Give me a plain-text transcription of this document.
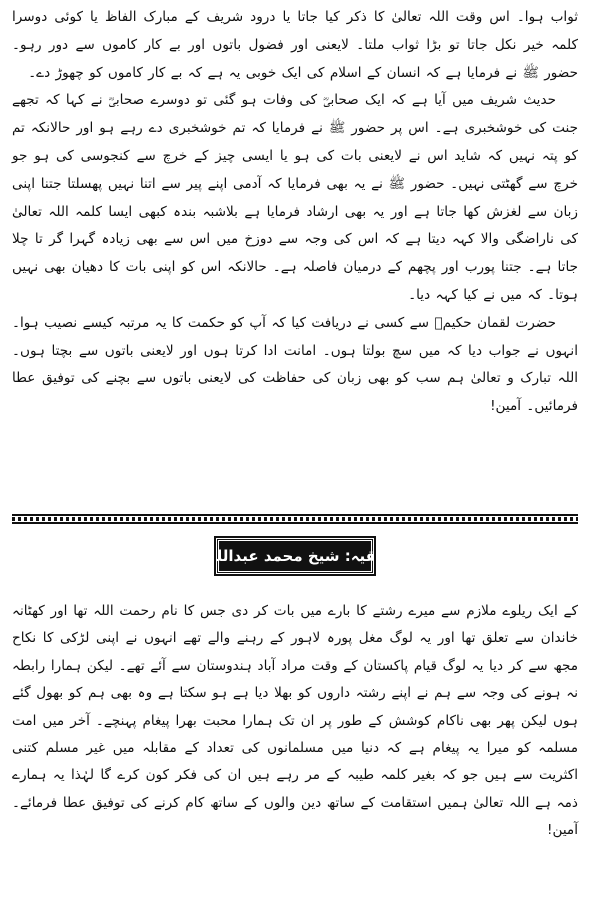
ثواب ہوا۔ اس وقت اللہ تعالیٰ کا ذکر کیا جاتا یا درود شریف کے مبارک الفاظ یا کوئی دوسرا کلمہ خیر نکل جاتا تو بڑا ثواب ملتا۔ لایعنی اور فضول باتوں اور بے کار کاموں سے دور رہو۔ حضور ﷺ نے فرمایا ہے کہ انسان کے اسلام کی ایک خوبی یہ ہے کہ بے کار کاموں کو چھوڑ دے۔

حدیث شریف میں آیا ہے کہ ایک صحابیؓ کی وفات ہو گئی تو دوسرے صحابیؓ نے کہا کہ تجھے جنت کی خوشخبری ہے۔ اس پر حضور ﷺ نے فرمایا کہ تم خوشخبری دے رہے ہو اور حالانکہ تم کو پتہ نہیں کہ شاید اس نے لایعنی بات کی ہو یا ایسی چیز کے خرچ سے کنجوسی کی ہو جو خرچ سے گھٹتی نہیں۔ حضور ﷺ نے یہ بھی فرمایا کہ آدمی اپنے پیر سے اتنا نہیں پھسلتا جتنا اپنی زبان سے لغزش کھا جاتا ہے اور یہ بھی ارشاد فرمایا ہے بلاشبہ بندہ کبھی ایسا کلمہ اللہ تعالیٰ کی ناراضگی والا کہہ دیتا ہے کہ اس کی وجہ سے دوزخ میں اس سے بھی زیادہ گہرا گر تا چلا جاتا ہے۔ جتنا پورب اور پچھم کے درمیان فاصلہ ہے۔ حالانکہ اس کو اپنی بات کا دھیان بھی نہیں ہوتا۔ کہ میں نے کیا کہہ دیا۔

حضرت لقمان حکیمؒ سے کسی نے دریافت کیا کہ آپ کو حکمت کا یہ مرتبہ کیسے نصیب ہوا۔ انہوں نے جواب دیا کہ میں سچ بولتا ہوں۔ امانت ادا کرتا ہوں اور لایعنی باتوں سے بچتا ہوں۔ اللہ تبارک و تعالیٰ ہم سب کو بھی زبان کی حفاظت کی لایعنی باتوں سے بچنے کی توفیق عطا فرمائیں۔ آمین!

بقیہ: شیخ محمد عبداللہ

کے ایک ریلوے ملازم سے میرے رشتے کا بارے میں بات کر دی جس کا نام رحمت اللہ تھا اور کھٹانہ خاندان سے تعلق تھا اور یہ لوگ مغل پورہ لاہور کے رہنے والے تھے انہوں نے اپنی لڑکی کا نکاح مجھ سے کر دیا یہ لوگ قیام پاکستان کے وقت مراد آباد ہندوستان سے آئے تھے۔ لیکن ہمارا رابطہ نہ ہونے کی وجہ سے ہم نے اپنے رشتہ داروں کو بھلا دیا ہے ہو سکتا ہے وہ بھی ہم کو بھول گئے ہوں لیکن پھر بھی ناکام کوشش کے طور پر ان تک ہمارا محبت بھرا پیغام پہنچے۔ آخر میں امت مسلمہ کو میرا یہ پیغام ہے کہ دنیا میں مسلمانوں کی تعداد کے مقابلہ میں غیر مسلم کتنی اکثریت سے ہیں جو کہ بغیر کلمہ طیبہ کے مر رہے ہیں ان کی فکر کون کرے گا لہٰذا یہ ہمارے ذمہ ہے اللہ تعالیٰ ہمیں استقامت کے ساتھ دین والوں کے ساتھ کام کرنے کی توفیق عطا فرمائے۔ آمین!
